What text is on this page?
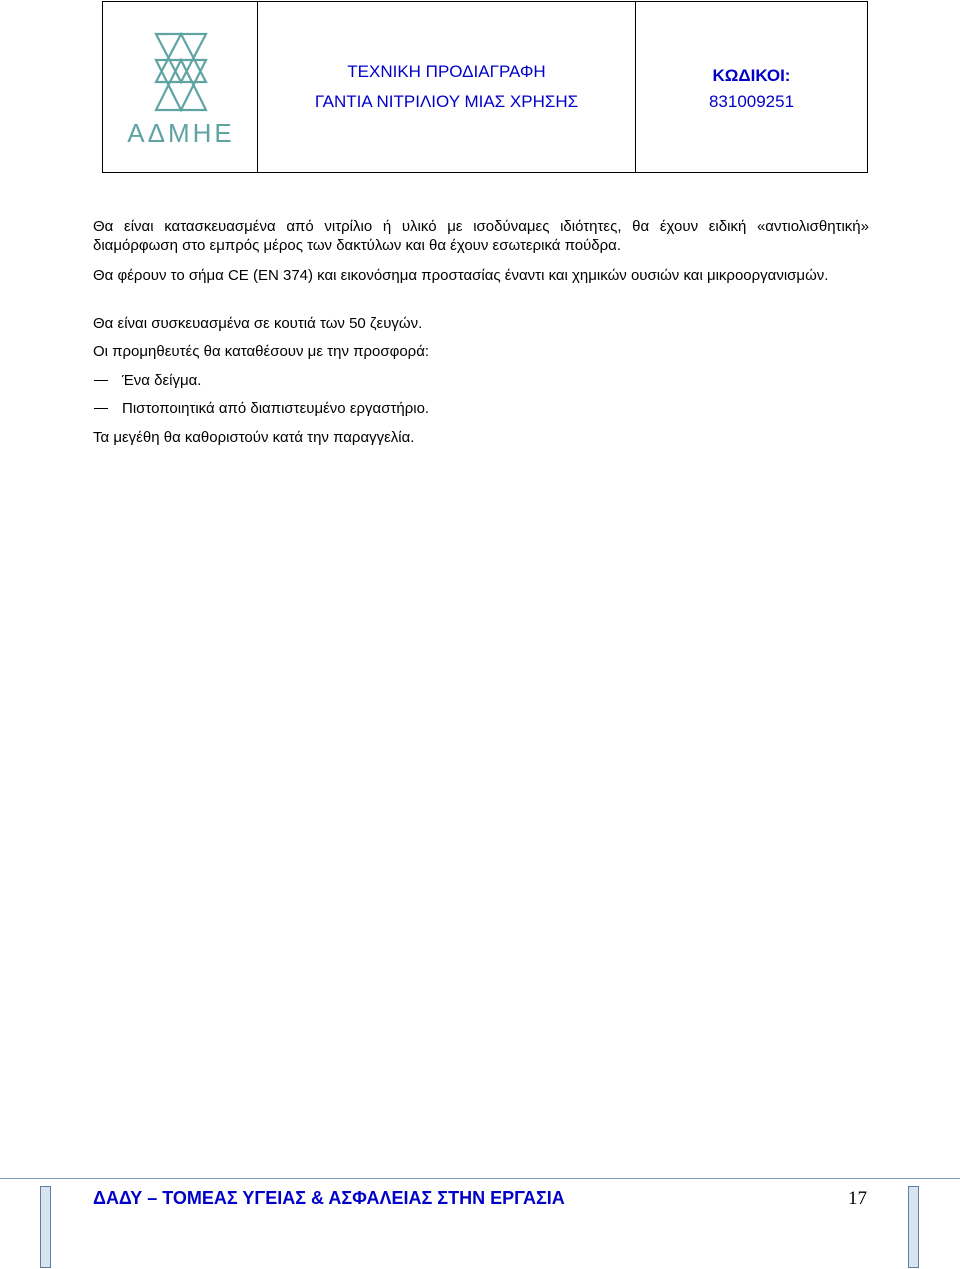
ΑΔΜΗΕ
ΤΕΧΝΙΚΗ ΠΡΟΔΙΑΓΡΑΦΗ
ΓΑΝΤΙΑ ΝΙΤΡΙΛΙΟΥ ΜΙΑΣ ΧΡΗΣΗΣ
ΚΩΔΙΚΟΙ:
831009251

Θα είναι κατασκευασμένα από νιτρίλιο ή υλικό με ισοδύναμες ιδιότητες, θα έχουν ειδική «αντιολισθητική» διαμόρφωση στο εμπρός μέρος των δακτύλων και θα έχουν εσωτερικά πούδρα.

Θα φέρουν το σήμα CE (EN 374) και εικονόσημα προστασίας έναντι και χημικών ουσιών και μικροοργανισμών.

Θα είναι συσκευασμένα σε κουτιά των 50 ζευγών.

Οι προμηθευτές θα καταθέσουν με την προσφορά:

Ένα δείγμα.
Πιστοποιητικά από διαπιστευμένο εργαστήριο.

Τα μεγέθη θα καθοριστούν κατά την παραγγελία.

ΔΑΔΥ – ΤΟΜΕΑΣ ΥΓΕΙΑΣ & ΑΣΦΑΛΕΙΑΣ ΣΤΗΝ ΕΡΓΑΣΙΑ	17
